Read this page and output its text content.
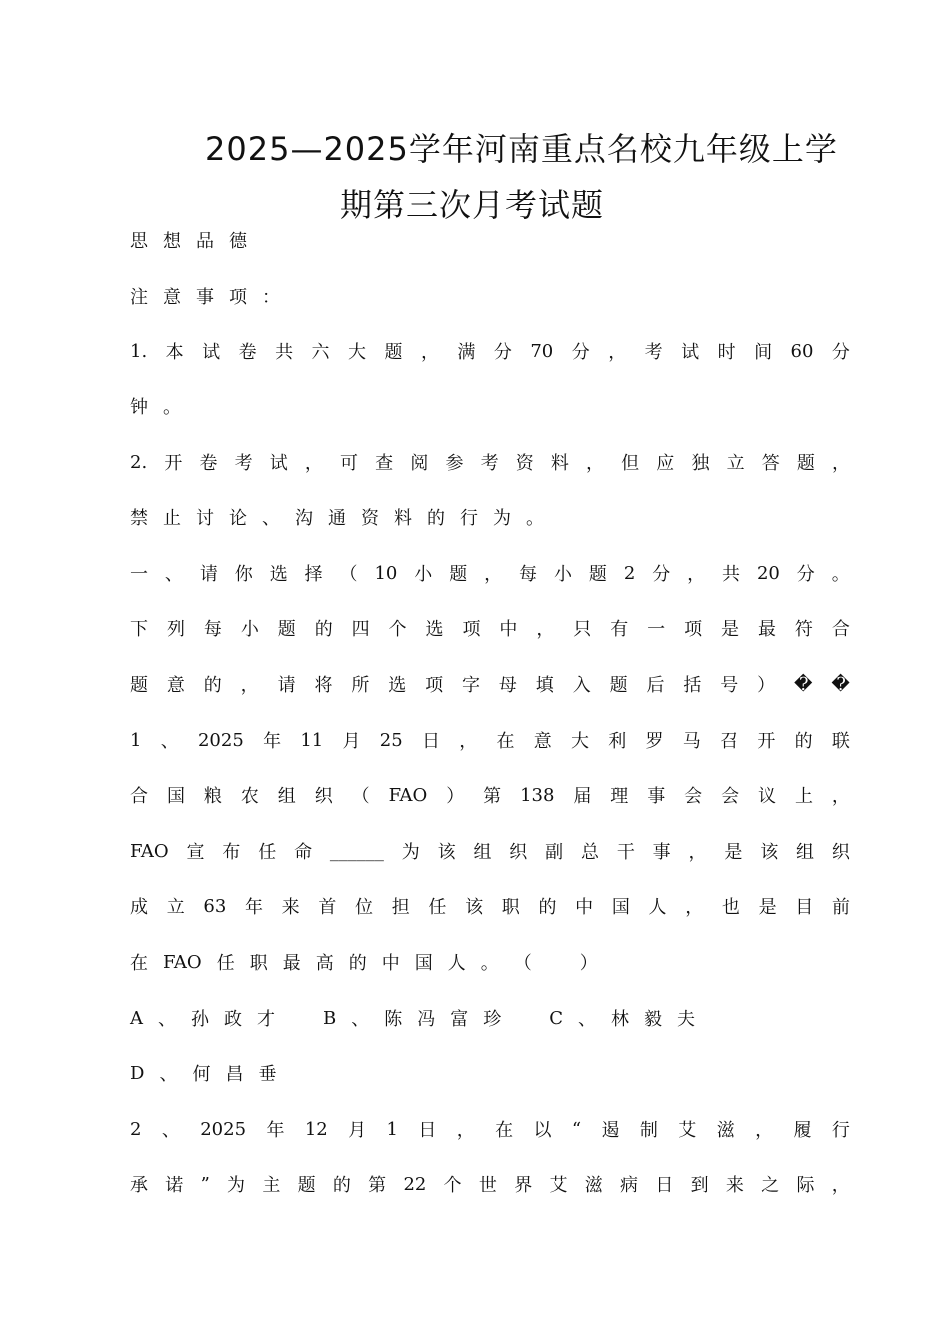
2025—2025学年河南重点名校九年级上学
期第三次月考试题
思 想 品 德
注 意 事 项 ：
1. 本 试 卷 共 六 大 题 ， 满 分 70 分 ， 考 试 时 间 60 分
钟 。
2. 开 卷 考 试 ， 可 查 阅 参 考 资 料 ， 但 应 独 立 答 题 ，
禁 止 讨 论 、 沟 通 资 料 的 行 为 。
一 、 请 你 选 择 （ 10 小 题 ， 每 小 题 2 分 ， 共 20 分 。
下 列 每 小 题 的 四 个 选 项 中 ， 只 有 一 项 是 最 符 合
题 意 的 ， 请 将 所 选 项 字 母 填 入 题 后 括 号 ） � �
1 、 2025 年 11 月 25 日 ， 在 意 大 利 罗 马 召 开 的 联
合 国 粮 农 组 织 （ FAO ） 第 138 届 理 事 会 会 议 上 ，
FAO 宣 布 任 命 ______ 为 该 组 织 副 总 干 事 ， 是 该 组 织
成 立 63 年 来 首 位 担 任 该 职 的 中 国 人 ， 也 是 目 前
在 FAO 任 职 最 高 的 中 国 人 。 （
　	）
A 、 孙 政 才
　	B 、 陈 冯 富 珍
　	C 、 林 毅 夫
D 、 何 昌 垂
2 、 2025 年 12 月 1 日 ， 在 以 “ 遏 制 艾 滋 ， 履 行
承 诺 ” 为 主 题 的 第 22 个 世 界 艾 滋 病 日 到 来 之 际 ，
